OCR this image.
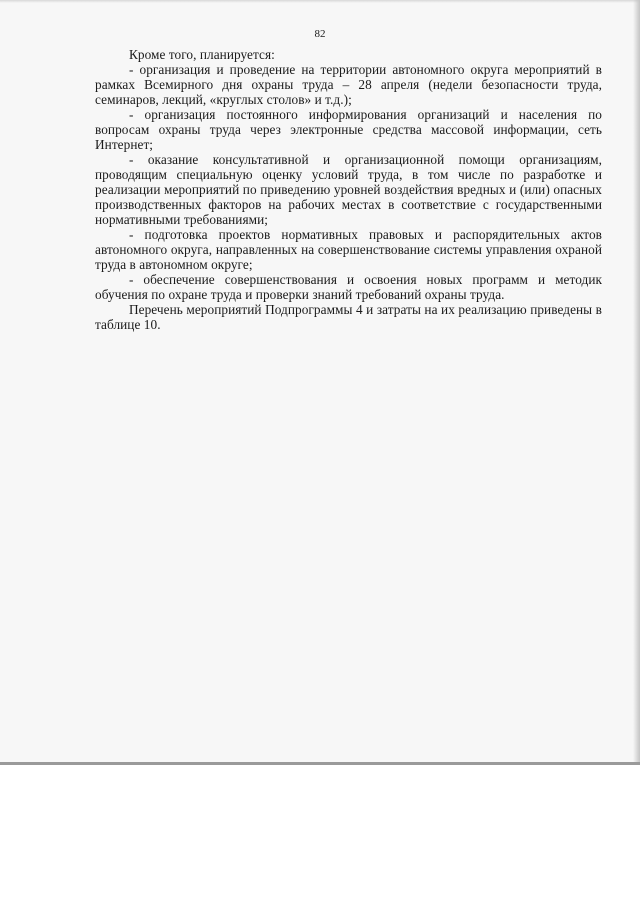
82

Кроме того, планируется:

- организация и проведение на территории автономного округа мероприятий в рамках Всемирного дня охраны труда – 28 апреля (недели безопасности труда, семинаров, лекций, «круглых столов» и т.д.);

- организация постоянного информирования организаций и населения по вопросам охраны труда через электронные средства массовой информации, сеть Интернет;

- оказание консультативной и организационной помощи организациям, проводящим специальную оценку условий труда, в том числе по разработке и реализации мероприятий по приведению уровней воздействия вредных и (или) опасных производственных факторов на рабочих местах в соответствие с государственными нормативными требованиями;

- подготовка проектов нормативных правовых и распорядительных актов автономного округа, направленных на совершенствование системы управления охраной труда в автономном округе;

- обеспечение совершенствования и освоения новых программ и методик обучения по охране труда и проверки знаний требований охраны труда.

Перечень мероприятий Подпрограммы 4 и затраты на их реализацию приведены в таблице 10.
